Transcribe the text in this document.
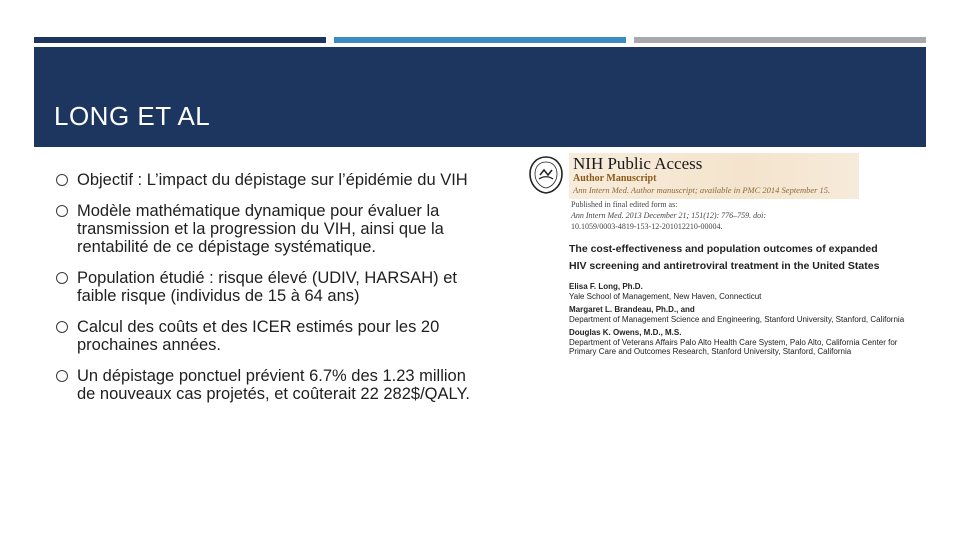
LONG ET AL
Objectif : L’impact du dépistage sur l’épidémie du VIH
Modèle mathématique dynamique pour évaluer la transmission et la progression du VIH, ainsi que la rentabilité de ce dépistage systématique.
Population étudié : risque élevé (UDIV, HARSAH) et faible risque (individus de 15 à 64 ans)
Calcul des coûts et des ICER estimés pour les 20 prochaines années.
Un dépistage ponctuel prévient 6.7% des 1.23 million de nouveaux cas projetés, et coûterait 22 282$/QALY.
NIH Public Access
Author Manuscript
Ann Intern Med. Author manuscript; available in PMC 2014 September 15.
Published in final edited form as:
Ann Intern Med. 2013 December 21; 151(12): 776–759. doi:
10.1059/0003-4819-153-12-201012210-00004.
The cost-effectiveness and population outcomes of expanded
HIV screening and antiretroviral treatment in the United States
Elisa F. Long, Ph.D.
Yale School of Management, New Haven, Connecticut
Margaret L. Brandeau, Ph.D., and
Department of Management Science and Engineering, Stanford University, Stanford, California
Douglas K. Owens, M.D., M.S.
Department of Veterans Affairs Palo Alto Health Care System, Palo Alto, California Center for
Primary Care and Outcomes Research, Stanford University, Stanford, California
